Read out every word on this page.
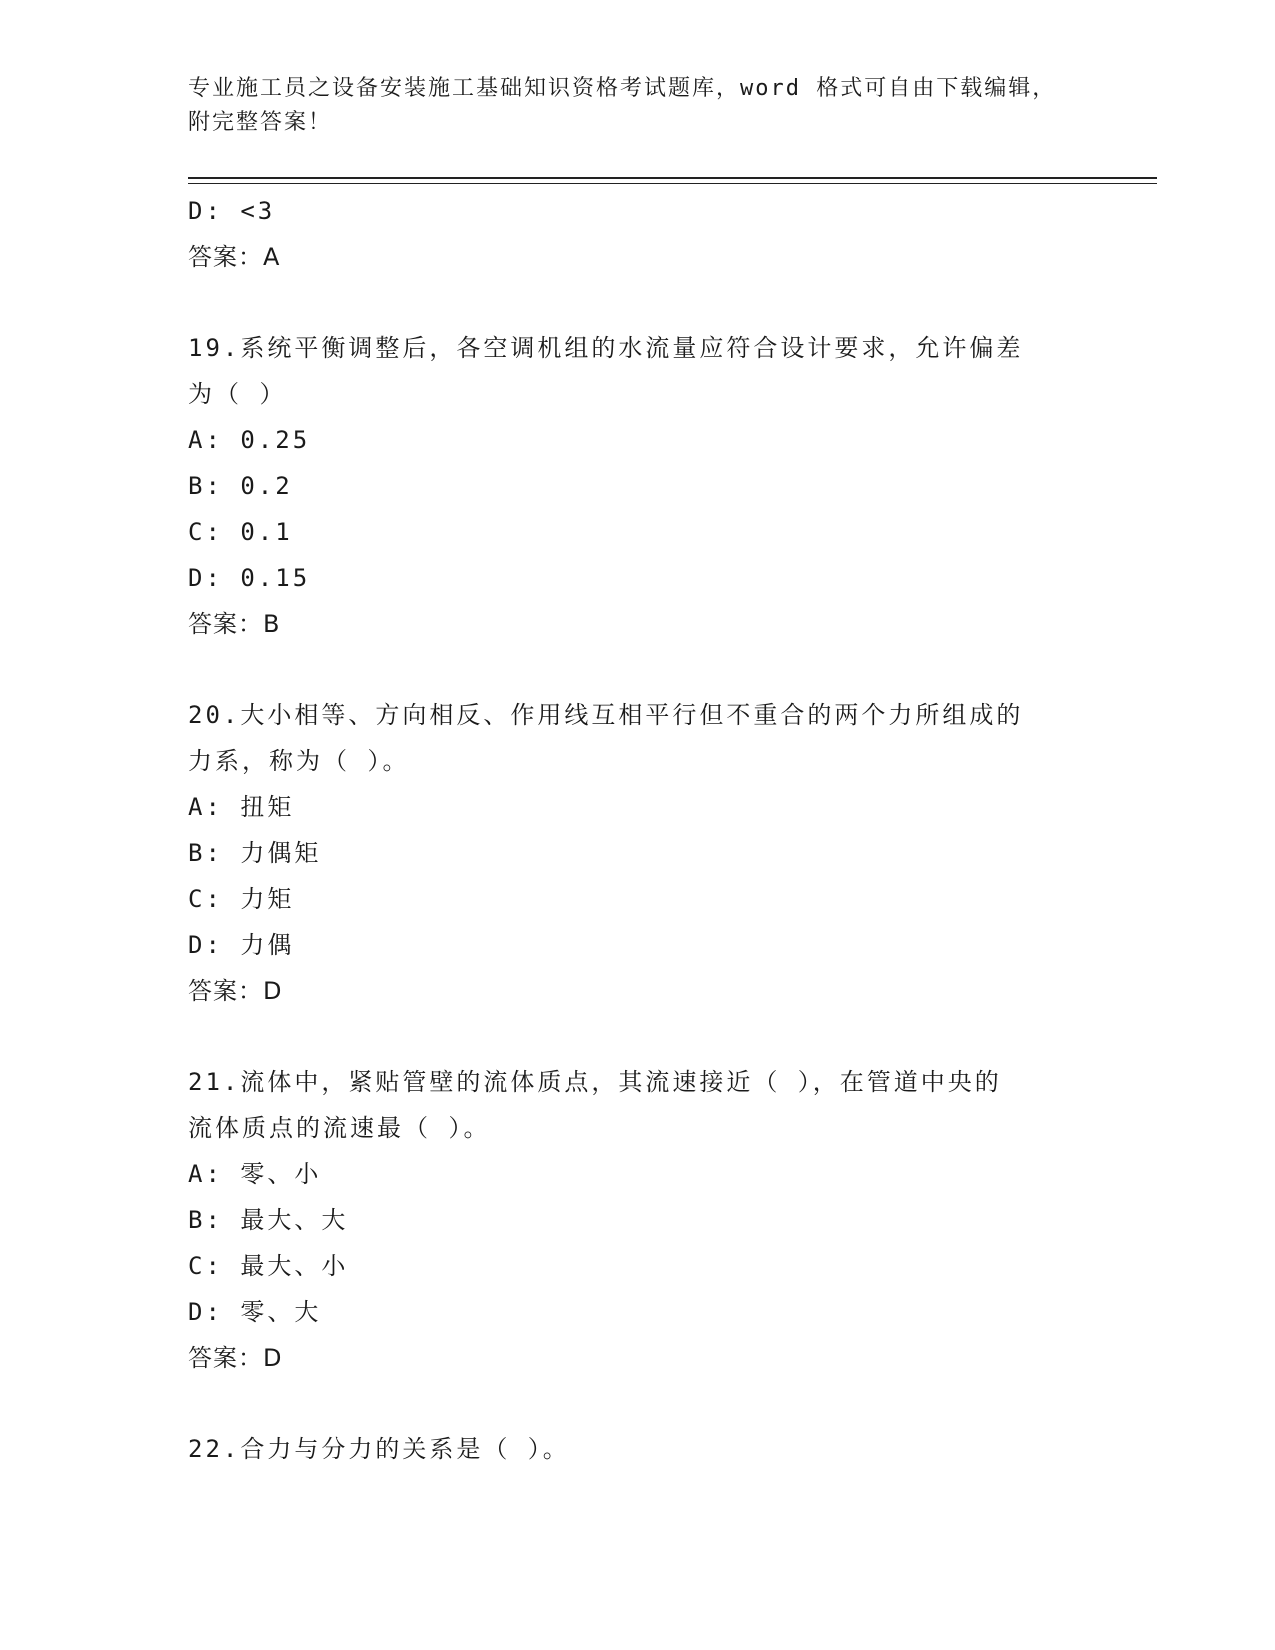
专业施工员之设备安装施工基础知识资格考试题库，word 格式可自由下载编辑，
附完整答案！
D: <3
答案：A
19.系统平衡调整后，各空调机组的水流量应符合设计要求，允许偏差
为（ ）
A: 0.25
B: 0.2
C: 0.1
D: 0.15
答案：B
20.大小相等、方向相反、作用线互相平行但不重合的两个力所组成的
力系，称为（ ）。
A: 扭矩
B: 力偶矩
C: 力矩
D: 力偶
答案：D
21.流体中，紧贴管壁的流体质点，其流速接近（ ），在管道中央的
流体质点的流速最（ ）。
A: 零、小
B: 最大、大
C: 最大、小
D: 零、大
答案：D
22.合力与分力的关系是（ ）。
